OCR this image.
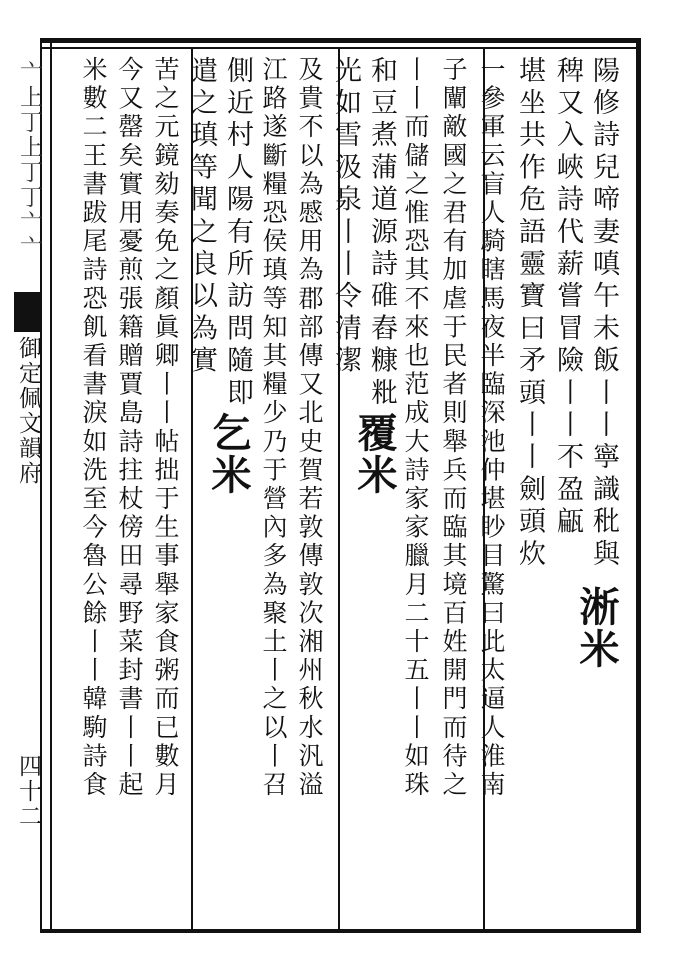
亠上丁上丁丁亠亠
御定佩文韻府
四十二
陽修詩兒啼妻嗔午未飯丨丨寧識秕與
稗又入峽詩代薪嘗冒險丨丨不盈甂
堪坐共作危語靈寶曰矛頭丨丨劍頭炊
一參軍云盲人騎瞎馬夜半臨深池仲堪眇目驚曰此太逼人淮南
子闡敵國之君有加虐于民者則舉兵而臨其境百姓開門而待之
丨丨而儲之惟恐其不來也范成大詩家家臘月二十五丨丨如珠
和豆煮蒲道源詩碓舂糠粃
光如雪汲泉丨丨令清潔
及貴不以為慼用為郡部傳又北史賀若敦傳敦次湘州秋水汎溢
江路遂斷糧恐侯瑱等知其糧少乃于營內多為聚土丨之以丨召
側近村人陽有所訪問隨即
遣之瑱等聞之良以為實
苦之元鏡劾奏免之顏眞卿丨丨帖拙于生事舉家食粥而已數月
今又罄矣實用憂煎張籍贈賈島詩拄杖傍田尋野菜封書丨丨起
米數二王書跋尾詩恐飢看書淚如洗至今魯公餘丨丨韓駒詩食	淅米
覆米
乞米
